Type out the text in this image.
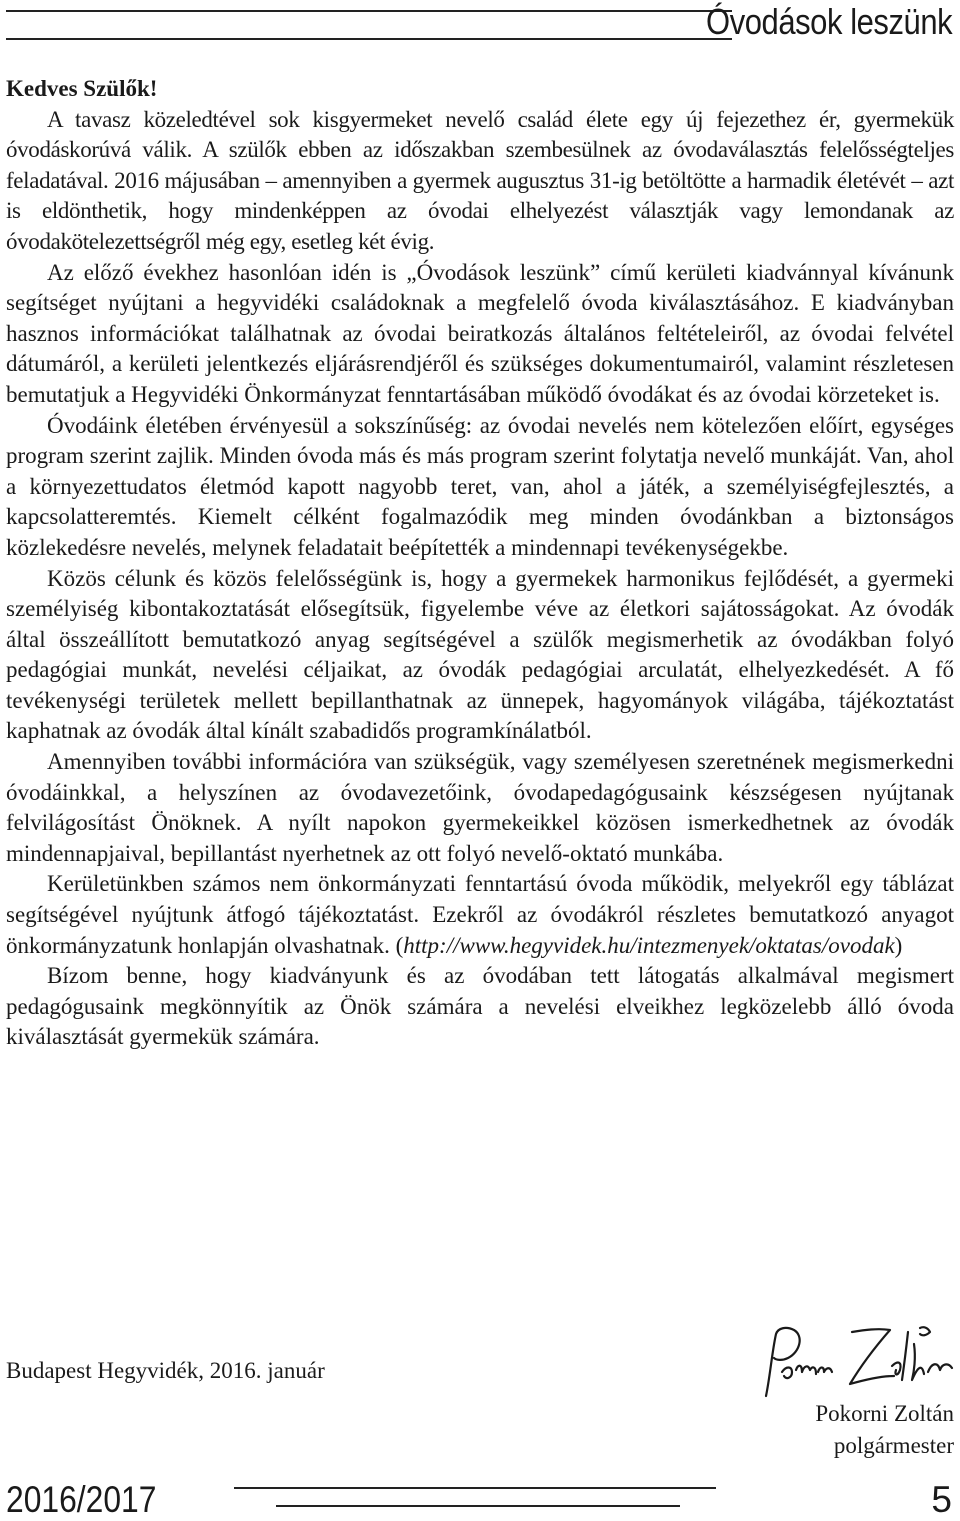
Óvodások leszünk

Kedves Szülők!

A tavasz közeledtével sok kisgyermeket nevelő család élete egy új fejezethez ér, gyermekük óvodáskorúvá válik. A szülők ebben az időszakban szembesülnek az óvodaválasztás felelősségteljes feladatával. 2016 májusában – amennyiben a gyermek augusztus 31-ig betöltötte a harmadik életévét – azt is eldönthetik, hogy mindenképpen az óvodai elhelyezést választják vagy lemondanak az óvodakötelezettségről még egy, esetleg két évig.

Az előző évekhez hasonlóan idén is „Óvodások leszünk” című kerületi kiadvánnyal kívánunk segítséget nyújtani a hegyvidéki családoknak a megfelelő óvoda kiválasztásához. E kiadványban hasznos információkat találhatnak az óvodai beiratkozás általános feltételeiről, az óvodai felvétel dátumáról, a kerületi jelentkezés eljárásrendjéről és szükséges dokumentumairól, valamint részletesen bemutatjuk a Hegyvidéki Önkormányzat fenntartásában működő óvodákat és az óvodai körzeteket is.

Óvodáink életében érvényesül a sokszínűség: az óvodai nevelés nem kötelezően előírt, egységes program szerint zajlik. Minden óvoda más és más program szerint folytatja nevelő munkáját. Van, ahol a környezettudatos életmód kapott nagyobb teret, van, ahol a játék, a személyiségfejlesztés, a kapcsolatteremtés. Kiemelt célként fogalmazódik meg minden óvodánkban a biztonságos közlekedésre nevelés, melynek feladatait beépítették a mindennapi tevékenységekbe.

Közös célunk és közös felelősségünk is, hogy a gyermekek harmonikus fejlődését, a gyermeki személyiség kibontakoztatását elősegítsük, figyelembe véve az életkori sajátosságokat. Az óvodák által összeállított bemutatkozó anyag segítségével a szülők megismerhetik az óvodákban folyó pedagógiai munkát, nevelési céljaikat, az óvodák pedagógiai arculatát, elhelyezkedését. A fő tevékenységi területek mellett bepillanthatnak az ünnepek, hagyományok világába, tájékoztatást kaphatnak az óvodák által kínált szabadidős programkínálatból.

Amennyiben további információra van szükségük, vagy személyesen szeretnének megismerkedni óvodáinkkal, a helyszínen az óvodavezetőink, óvodapedagógusaink készségesen nyújtanak felvilágosítást Önöknek. A nyílt napokon gyermekeikkel közösen ismerkedhetnek az óvodák mindennapjaival, bepillantást nyerhetnek az ott folyó nevelő-oktató munkába.

Kerületünkben számos nem önkormányzati fenntartású óvoda működik, melyekről egy táblázat segítségével nyújtunk átfogó tájékoztatást. Ezekről az óvodákról részletes bemutatkozó anyagot önkormányzatunk honlapján olvashatnak. (http://www.hegyvidek.hu/intezmenyek/oktatas/ovodak)

Bízom benne, hogy kiadványunk és az óvodában tett látogatás alkalmával megismert pedagógusaink megkönnyítik az Önök számára a nevelési elveikhez legközelebb álló óvoda kiválasztását gyermekük számára.

Budapest Hegyvidék, 2016. január
Pokorni Zoltán
polgármester
2016/2017	5
